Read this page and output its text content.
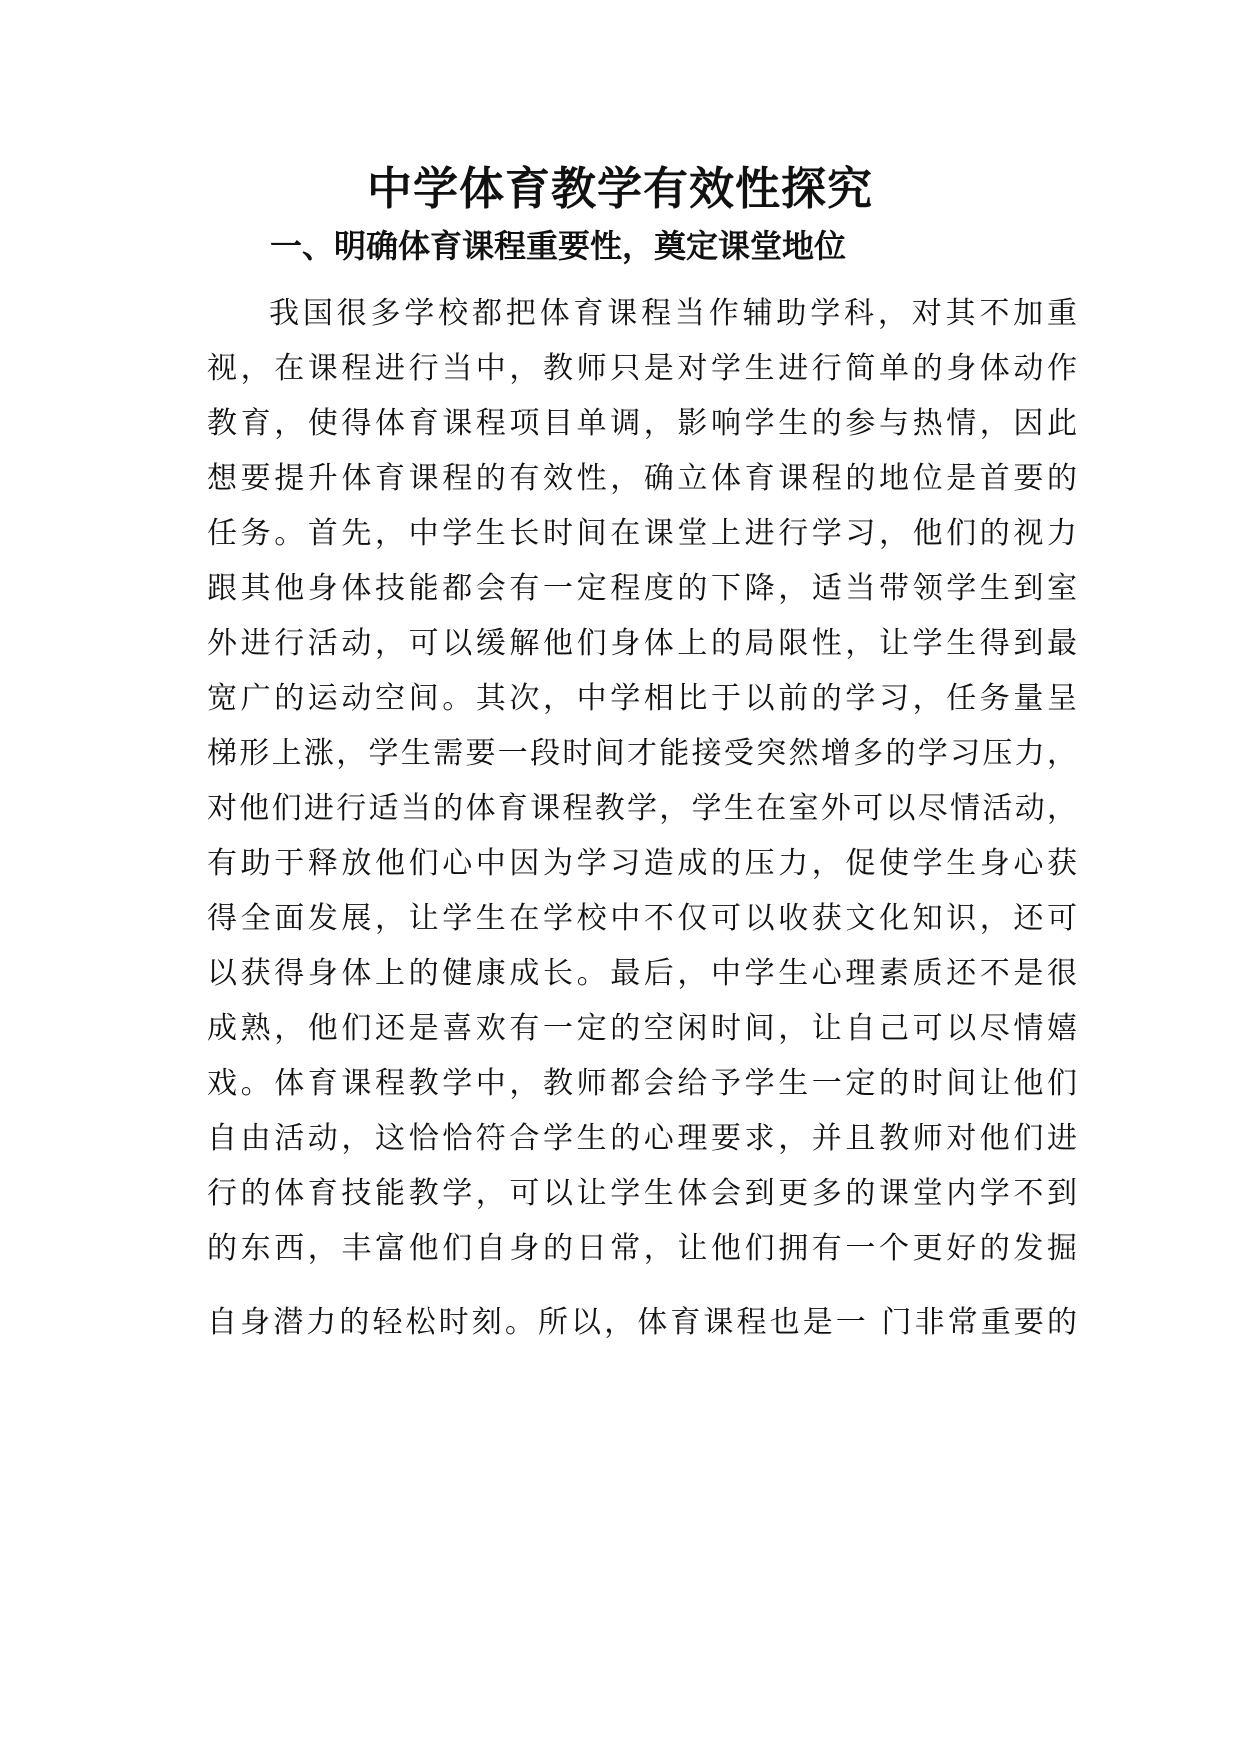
中学体育教学有效性探究
一、明确体育课程重要性，奠定课堂地位
我国很多学校都把体育课程当作辅助学科，对其不加重
视，在课程进行当中，教师只是对学生进行简单的身体动作
教育，使得体育课程项目单调，影响学生的参与热情，因此
想要提升体育课程的有效性，确立体育课程的地位是首要的
任务。首先，中学生长时间在课堂上进行学习，他们的视力
跟其他身体技能都会有一定程度的下降，适当带领学生到室
外进行活动，可以缓解他们身体上的局限性，让学生得到最
宽广的运动空间。其次，中学相比于以前的学习，任务量呈
梯形上涨，学生需要一段时间才能接受突然增多的学习压力，
对他们进行适当的体育课程教学，学生在室外可以尽情活动，
有助于释放他们心中因为学习造成的压力，促使学生身心获
得全面发展，让学生在学校中不仅可以收获文化知识，还可
以获得身体上的健康成长。最后，中学生心理素质还不是很
成熟，他们还是喜欢有一定的空闲时间，让自己可以尽情嬉
戏。体育课程教学中，教师都会给予学生一定的时间让他们
自由活动，这恰恰符合学生的心理要求，并且教师对他们进
行的体育技能教学，可以让学生体会到更多的课堂内学不到
的东西，丰富他们自身的日常，让他们拥有一个更好的发掘
自身潜力的轻松时刻。所以，体育课程也是一 门非常重要的
